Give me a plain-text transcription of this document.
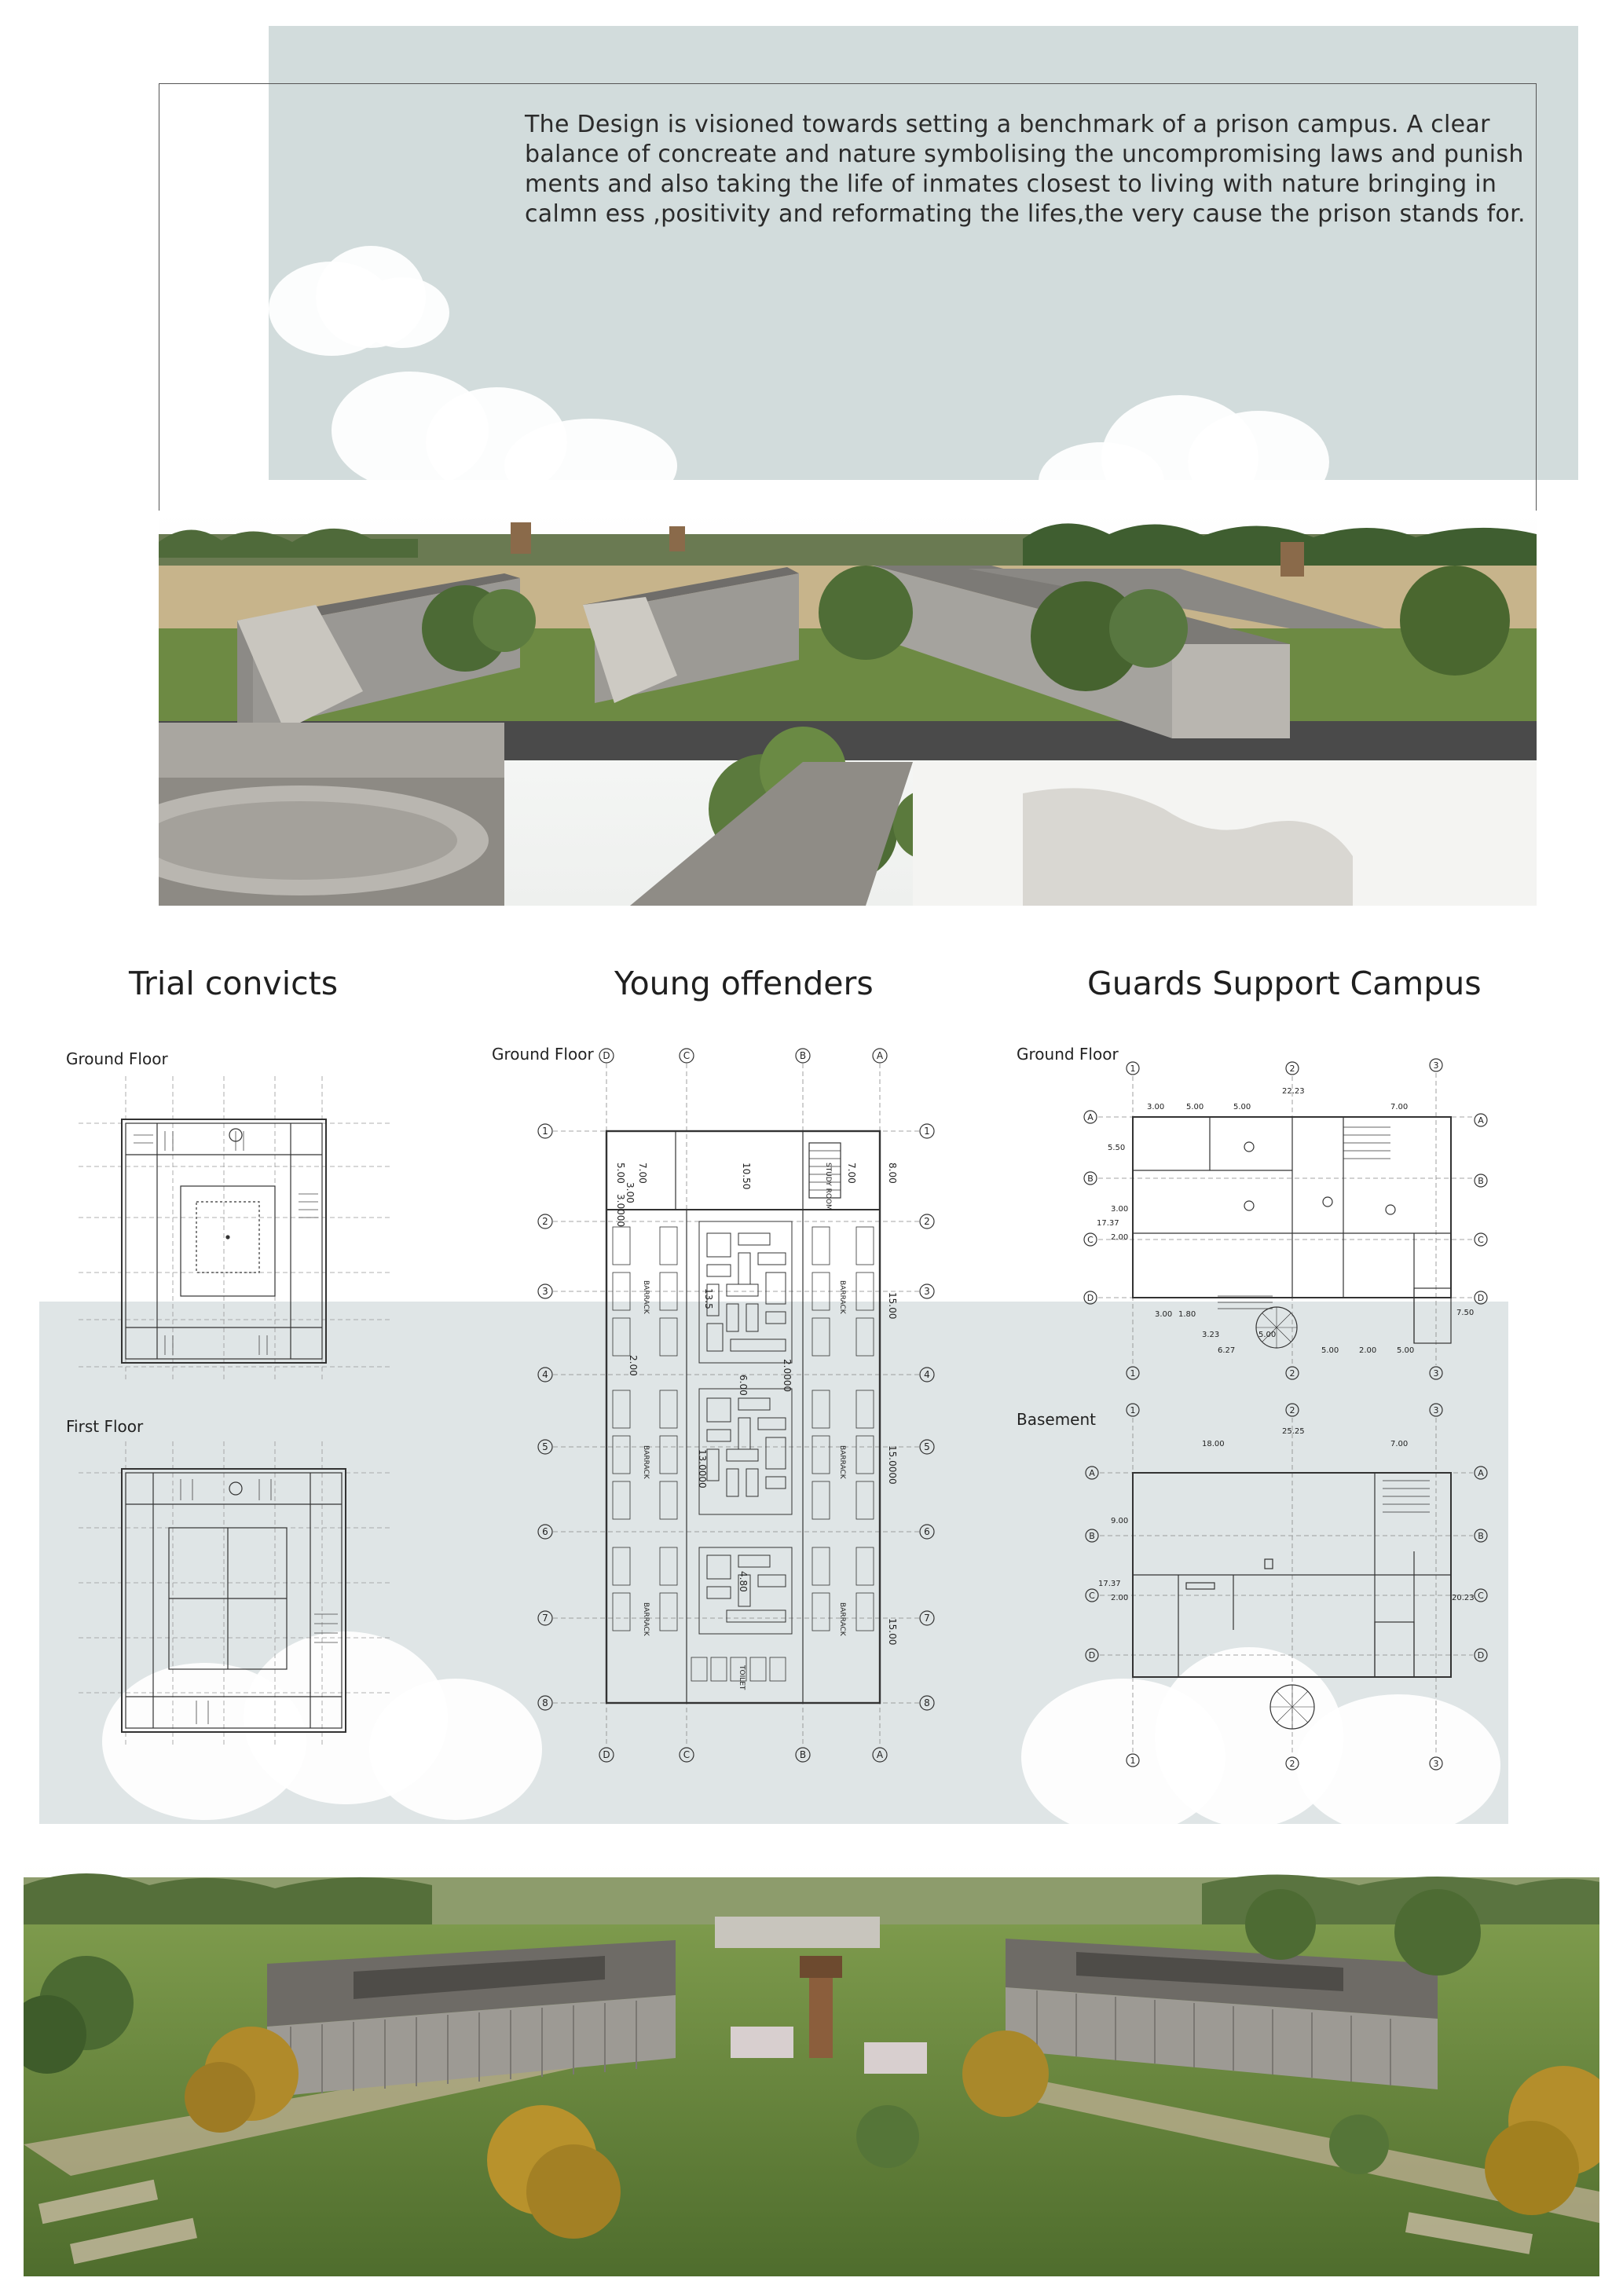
The Design is visioned towards setting a benchmark of a prison campus. A clear balance of concreate and nature symbolising the uncompromising laws and punish ments and also taking the life of inmates closest to living with nature bringing in calmn ess ,positivity and reformating the lifes,the very cause the prison stands for.
Trial convicts	Young offenders	Guards Support Campus
Ground Floor
First Floor
Ground Floor	Ground Floor
Basement
D	C	B	A
D	C	B	A
1
2
3
4
5
6
7
8
1
2
3
4
5
6
7
8
STUDY ROOM
BARRACK	BARRACK
BARRACK	BARRACK
BARRACK	BARRACK
TOILET
7.00	10.50	7.00
5.00
3.00
3.0000
8.00
15.00
13.5
2.00	2.0000
6.00
13.0000	15.0000
4.80
15.00
1	2	3
A
B
C
D
A
B
C
D
1	2	3
22.23
3.00	5.00	5.00	7.00
5.50
3.00
17.37
2.00
3.00 1.80
3.23	5.00
6.27	5.00	2.00	5.00
7.50
1	2	3
A
B
C
D
A
B
C
D
1	2	3
25.25
18.00	7.00
9.00
17.37
2.00	20.23
